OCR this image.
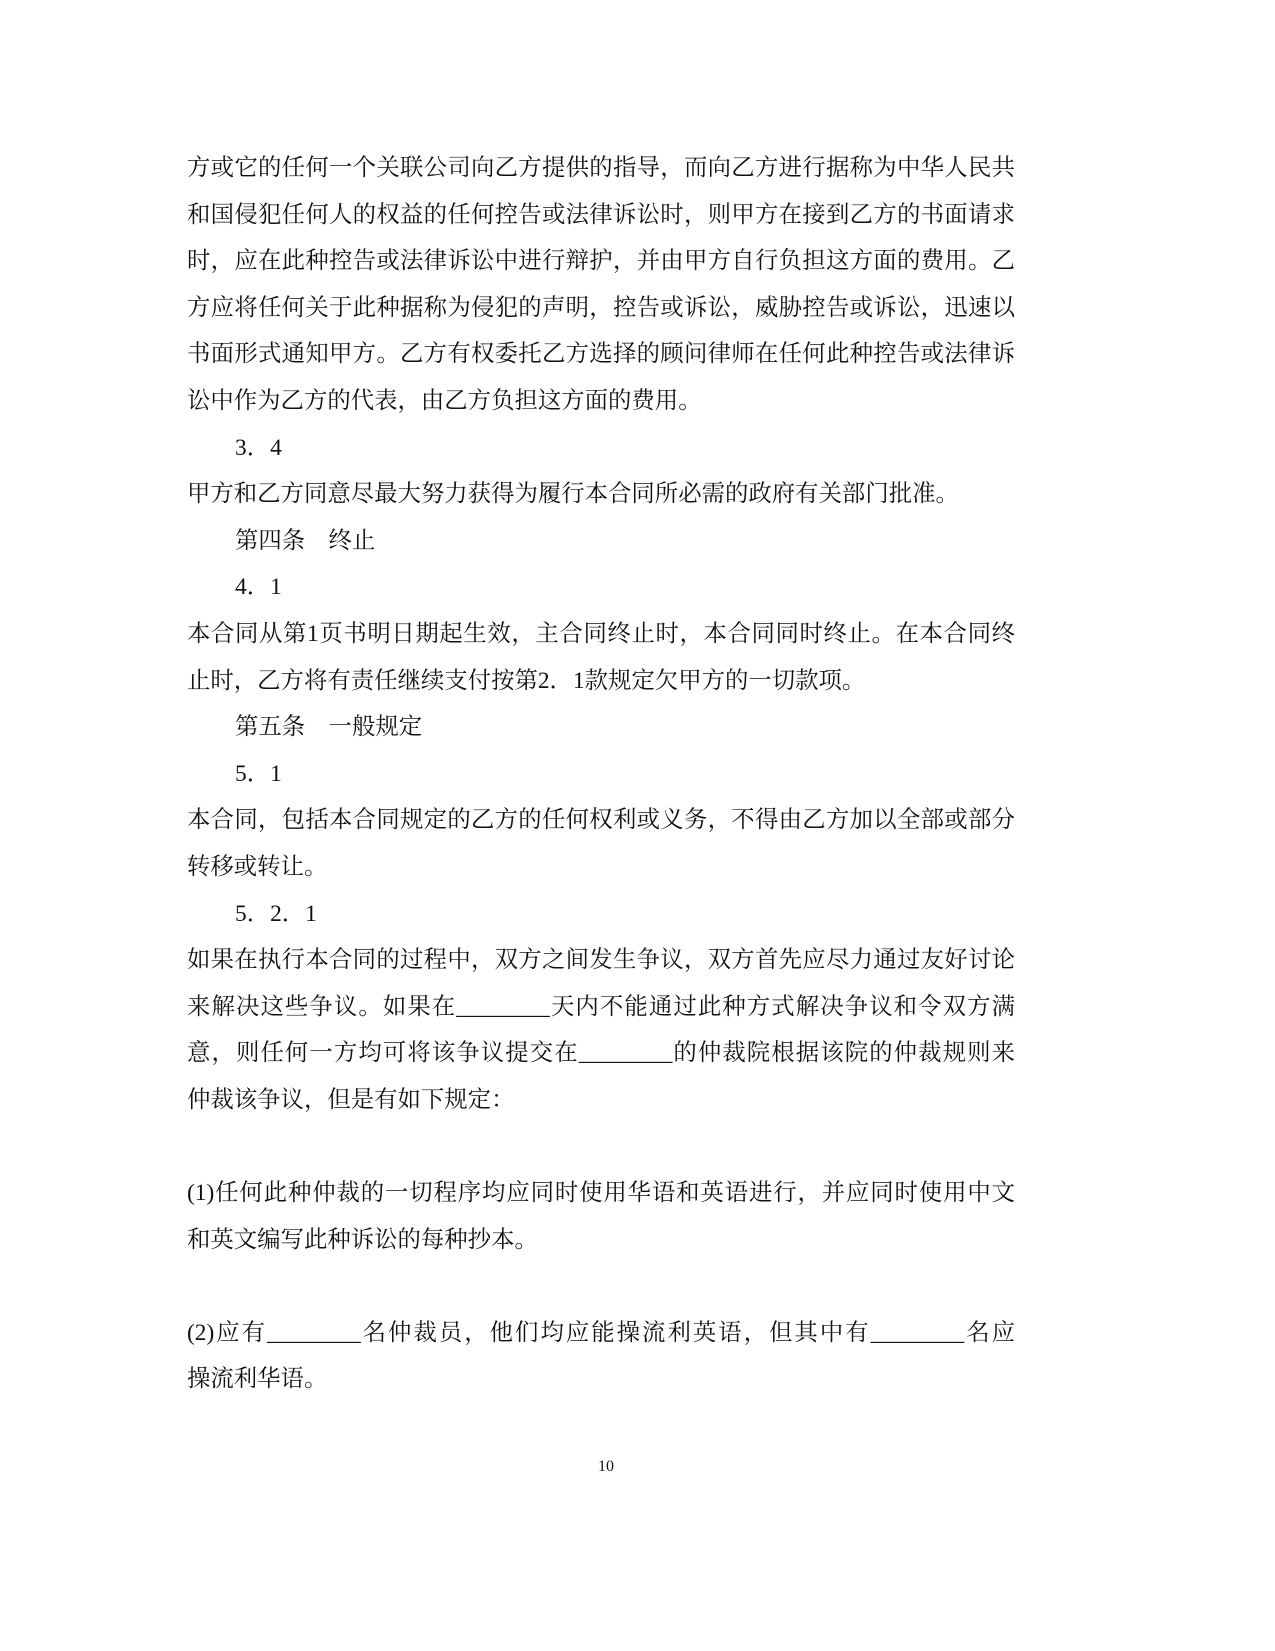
方或它的任何一个关联公司向乙方提供的指导，而向乙方进行据称为中华人民共
和国侵犯任何人的权益的任何控告或法律诉讼时，则甲方在接到乙方的书面请求
时，应在此种控告或法律诉讼中进行辩护，并由甲方自行负担这方面的费用。乙
方应将任何关于此种据称为侵犯的声明，控告或诉讼，威胁控告或诉讼，迅速以
书面形式通知甲方。乙方有权委托乙方选择的顾问律师在任何此种控告或法律诉
讼中作为乙方的代表，由乙方负担这方面的费用。
3．4
甲方和乙方同意尽最大努力获得为履行本合同所必需的政府有关部门批准。
第四条　终止
4．1
本合同从第1页书明日期起生效，主合同终止时，本合同同时终止。在本合同终
止时，乙方将有责任继续支付按第2．1款规定欠甲方的一切款项。
第五条　一般规定
5．1
本合同，包括本合同规定的乙方的任何权利或义务，不得由乙方加以全部或部分
转移或转让。
5．2．1
如果在执行本合同的过程中，双方之间发生争议，双方首先应尽力通过友好讨论
来解决这些争议。如果在________天内不能通过此种方式解决争议和令双方满
意，则任何一方均可将该争议提交在________的仲裁院根据该院的仲裁规则来
仲裁该争议，但是有如下规定：
(1)任何此种仲裁的一切程序均应同时使用华语和英语进行，并应同时使用中文
和英文编写此种诉讼的每种抄本。
(2)应有________名仲裁员，他们均应能操流利英语，但其中有________名应
操流利华语。
10
